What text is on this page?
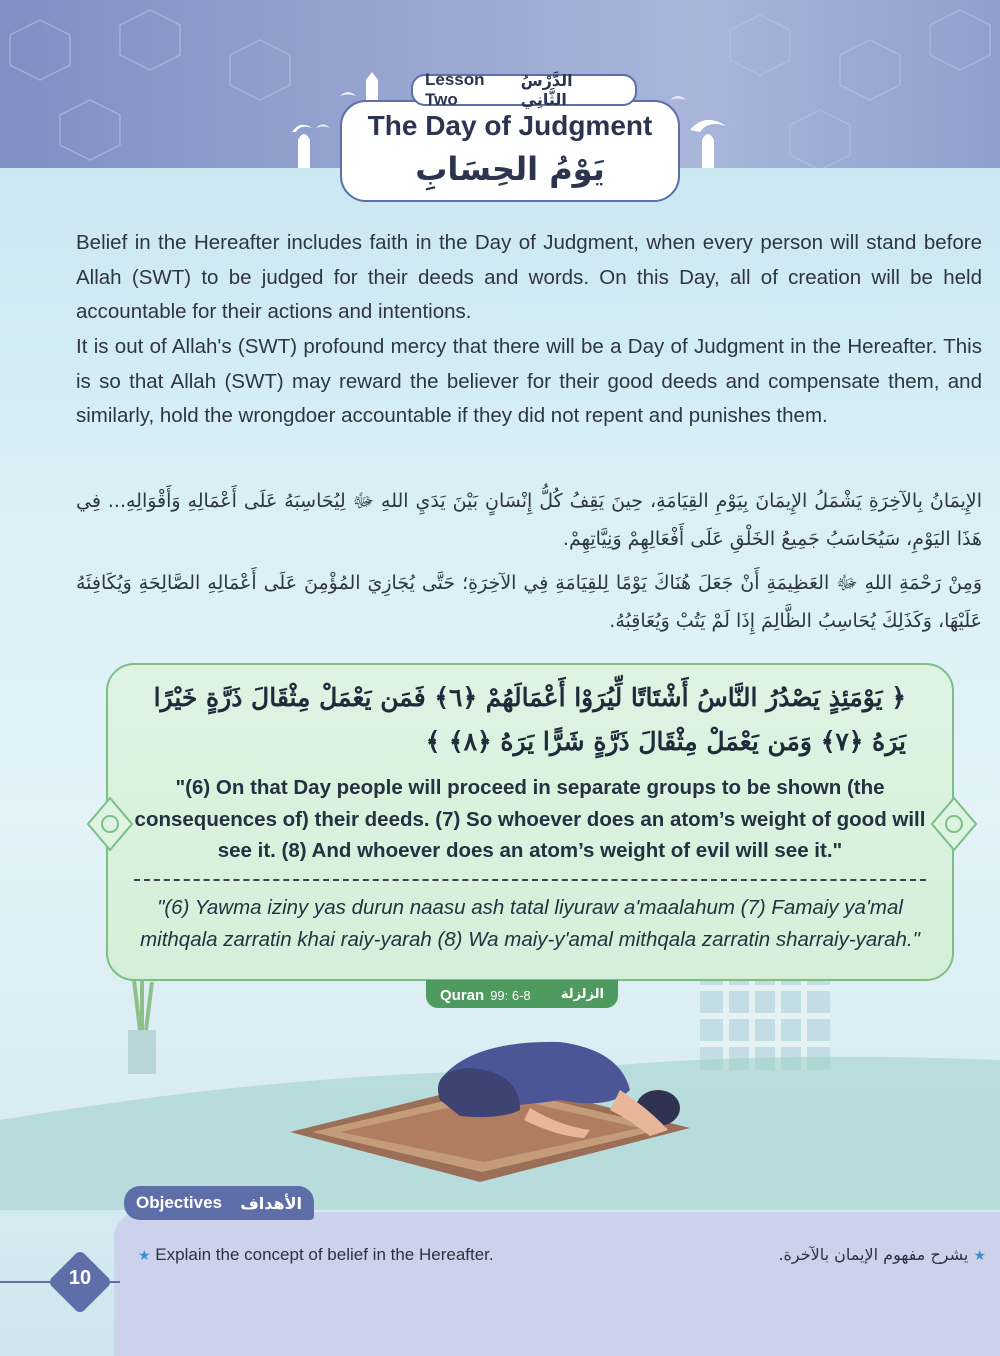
Lesson Two
الدَّرْسُ الثَّانِي
The Day of Judgment
يَوْمُ الحِسَابِ

Belief in the Hereafter includes faith in the Day of Judgment, when every person will stand before Allah (SWT) to be judged for their deeds and words. On this Day, all of creation will be held accountable for their actions and intentions.

It is out of Allah's (SWT) profound mercy that there will be a Day of Judgment in the Hereafter. This is so that Allah (SWT) may reward the believer for their good deeds and compensate them, and similarly, hold the wrongdoer accountable if they did not repent and punishes them.

الإِيمَانُ بِالآخِرَةِ يَشْمَلُ الإِيمَانَ بِيَوْمِ القِيَامَةِ، حِينَ يَقِفُ كُلُّ إِنْسَانٍ بَيْنَ يَدَيِ اللهِ ﷻ لِيُحَاسِبَهُ عَلَى أَعْمَالِهِ وَأَقْوَالِهِ... فِي هَذَا اليَوْمِ، سَيُحَاسَبُ جَمِيعُ الخَلْقِ عَلَى أَفْعَالِهِمْ وَنِيَّاتِهِمْ.

وَمِنْ رَحْمَةِ اللهِ ﷻ العَظِيمَةِ أَنْ جَعَلَ هُنَاكَ يَوْمًا لِلقِيَامَةِ فِي الآخِرَةِ؛ حَتَّى يُجَازِيَ المُؤْمِنَ عَلَى أَعْمَالِهِ الصَّالِحَةِ وَيُكَافِئَهُ عَلَيْهَا، وَكَذَلِكَ يُحَاسِبُ الظَّالِمَ إِذَا لَمْ يَتُبْ وَيُعَاقِبُهُ.

﴿ يَوْمَئِذٍ يَصْدُرُ النَّاسُ أَشْتَاتًا لِّيُرَوْا أَعْمَالَهُمْ ﴿٦﴾ فَمَن يَعْمَلْ مِثْقَالَ ذَرَّةٍ خَيْرًا

يَرَهُ ﴿٧﴾ وَمَن يَعْمَلْ مِثْقَالَ ذَرَّةٍ شَرًّا يَرَهُ ﴿٨﴾ ﴾

"(6) On that Day people will proceed in separate groups to be shown (the consequences of) their deeds. (7) So whoever does an atom’s weight of good will see it. (8) And whoever does an atom’s weight of evil will see it."

"(6) Yawma iziny yas durun naasu ash tatal liyuraw a'maalahum (7) Famaiy ya'mal mithqala zarratin khai raiy-yarah (8) Wa maiy-y'amal mithqala zarratin sharraiy-yarah."

Quran 99: 6-8 الزلزلة
Objectives الأهداف
★ Explain the concept of belief in the Hereafter.	★ يشرح مفهوم الإيمان بالآخرة.
10
